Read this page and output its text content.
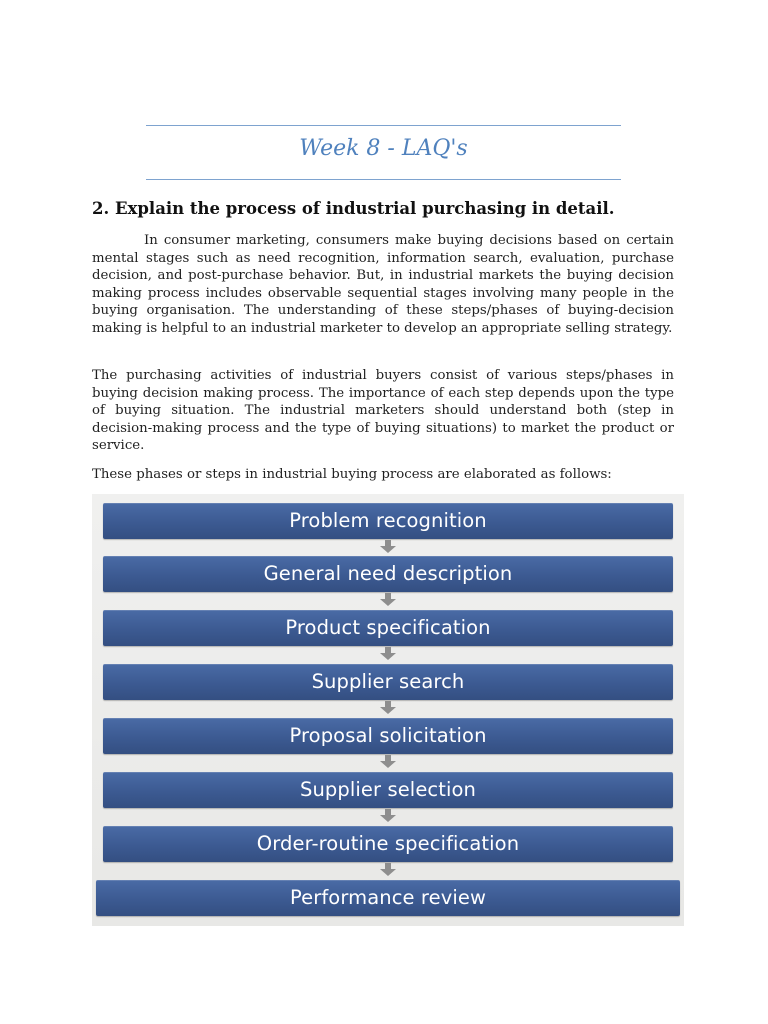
Week 8 - LAQ's
2. Explain the process of industrial purchasing in detail.

In consumer marketing, consumers make buying decisions based on certain mental stages such as need recognition, information search, evaluation, purchase decision, and post-purchase behavior. But, in industrial markets the buying decision making process includes observable sequential stages involving many people in the buying organisation. The understanding of these steps/phases of buying-decision making is helpful to an industrial marketer to develop an appropriate selling strategy.

The purchasing activities of industrial buyers consist of various steps/phases in buying decision making process. The importance of each step depends upon the type of buying situation. The industrial marketers should understand both (step in decision-making process and the type of buying situations) to market the product or service.

These phases or steps in industrial buying process are elaborated as follows:

Problem recognition
General need description
Product specification
Supplier search
Proposal solicitation
Supplier selection
Order-routine specification
Performance review
